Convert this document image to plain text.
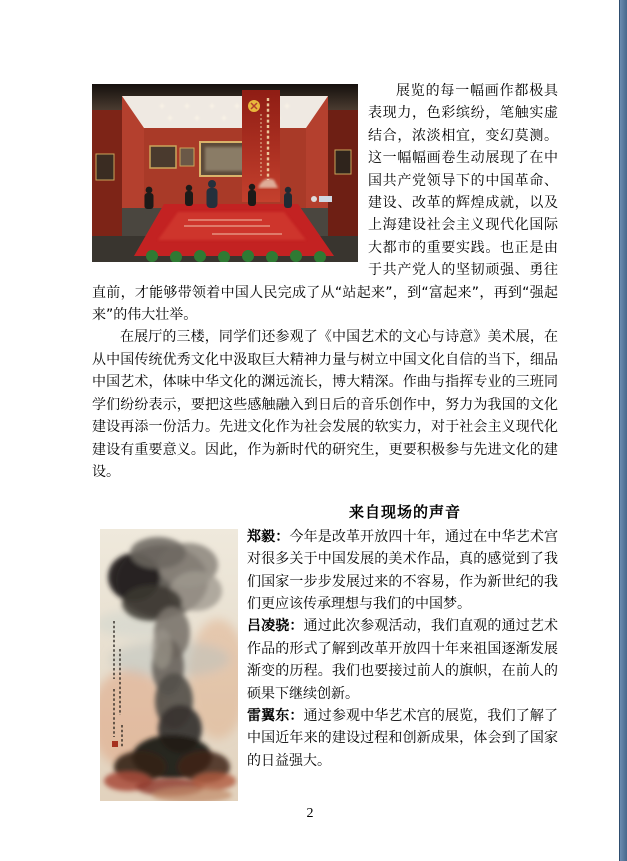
展览的每一幅画作都极具表现力，色彩缤纷，笔触实虚结合，浓淡相宜，变幻莫测。这一幅幅画卷生动展现了在中国共产党领导下的中国革命、建设、改革的辉煌成就，以及上海建设社会主义现代化国际大都市的重要实践。也正是由于共产党人的坚韧顽强、勇往直前，才能够带领着中国人民完成了从“站起来”，到“富起来”，再到“强起来”的伟大壮举。

在展厅的三楼，同学们还参观了《中国艺术的文心与诗意》美术展，在从中国传统优秀文化中汲取巨大精神力量与树立中国文化自信的当下，细品中国艺术，体味中华文化的渊远流长，博大精深。作曲与指挥专业的三班同学们纷纷表示，要把这些感触融入到日后的音乐创作中，努力为我国的文化建设再添一份活力。先进文化作为社会发展的软实力，对于社会主义现代化建设有重要意义。因此，作为新时代的研究生，更要积极参与先进文化的建设。

来自现场的声音

郑毅：今年是改革开放四十年，通过在中华艺术宫对很多关于中国发展的美术作品，真的感觉到了我们国家一步步发展过来的不容易，作为新世纪的我们更应该传承理想与我们的中国梦。

吕凌骁：通过此次参观活动，我们直观的通过艺术作品的形式了解到改革开放四十年来祖国逐渐发展渐变的历程。我们也要接过前人的旗帜，在前人的硕果下继续创新。

雷翼东：通过参观中华艺术宫的展览，我们了解了中国近年来的建设过程和创新成果，体会到了国家的日益强大。

2
